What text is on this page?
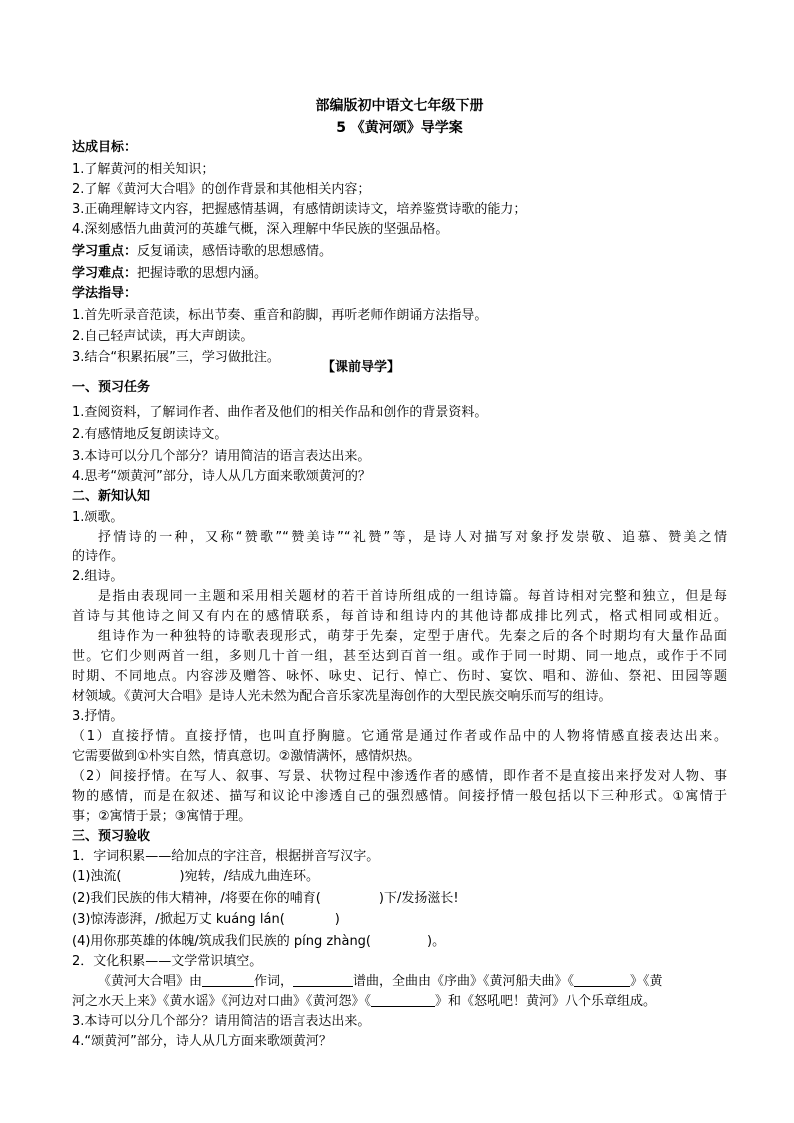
部编版初中语文七年级下册
5 《黄河颂》导学案
达成目标：
1.了解黄河的相关知识；
2.了解《黄河大合唱》的创作背景和其他相关内容；
3.正确理解诗文内容，把握感情基调，有感情朗读诗文，培养鉴赏诗歌的能力；
4.深刻感悟九曲黄河的英雄气概，深入理解中华民族的坚强品格。
学习重点：反复诵读，感悟诗歌的思想感情。
学习难点：把握诗歌的思想内涵。
学法指导：
1.首先听录音范读，标出节奏、重音和韵脚，再听老师作朗诵方法指导。
2.自己轻声试读，再大声朗读。
3.结合“积累拓展”三，学习做批注。
【课前导学】
一、预习任务
1.查阅资料，了解词作者、曲作者及他们的相关作品和创作的背景资料。
2.有感情地反复朗读诗文。
3.本诗可以分几个部分？请用简洁的语言表达出来。
4.思考“颂黄河”部分，诗人从几方面来歌颂黄河的？
二、新知认知
1.颂歌。
抒情诗的一种，又称“赞歌”“赞美诗”“礼赞”等，是诗人对描写对象抒发崇敬、追慕、赞美之情
的诗作。
2.组诗。
是指由表现同一主题和采用相关题材的若干首诗所组成的一组诗篇。每首诗相对完整和独立，但是每
首诗与其他诗之间又有内在的感情联系，每首诗和组诗内的其他诗都成排比列式，格式相同或相近。
组诗作为一种独特的诗歌表现形式，萌芽于先秦，定型于唐代。先秦之后的各个时期均有大量作品面
世。它们少则两首一组，多则几十首一组，甚至达到百首一组。或作于同一时期、同一地点，或作于不同
时期、不同地点。内容涉及赠答、咏怀、咏史、记行、悼亡、伤时、宴饮、唱和、游仙、祭祀、田园等题
材领域。《黄河大合唱》是诗人光未然为配合音乐家冼星海创作的大型民族交响乐而写的组诗。
3.抒情。
（1）直接抒情。直接抒情，也叫直抒胸臆。它通常是通过作者或作品中的人物将情感直接表达出来。
它需要做到①朴实自然，情真意切。②激情满怀，感情炽热。
（2）间接抒情。在写人、叙事、写景、状物过程中渗透作者的感情，即作者不是直接出来抒发对人物、事
物的感情，而是在叙述、描写和议论中渗透自己的强烈感情。间接抒情一般包括以下三种形式。①寓情于
事；②寓情于景；③寓情于理。
三、预习验收
1．字词积累——给加点的字注音，根据拼音写汉字。
(1)浊流(	)宛转，/结成九曲连环。
(2)我们民族的伟大精神，/将要在你的哺育(	)下/发扬滋长!
(3)惊涛澎湃，/掀起万丈 kuáng lán(	)
(4)用你那英雄的体魄/筑成我们民族的 píng zhàng(	)。
2．文化积累——文学常识填空。
《黄河大合唱》由	作词，	谱曲，全曲由《序曲》《黄河船夫曲》《	》《黄
河之水天上来》《黄水谣》《河边对口曲》《黄河怨》《	》和《怒吼吧！黄河》八个乐章组成。
3.本诗可以分几个部分？请用简洁的语言表达出来。
4.“颂黄河”部分，诗人从几方面来歌颂黄河？
